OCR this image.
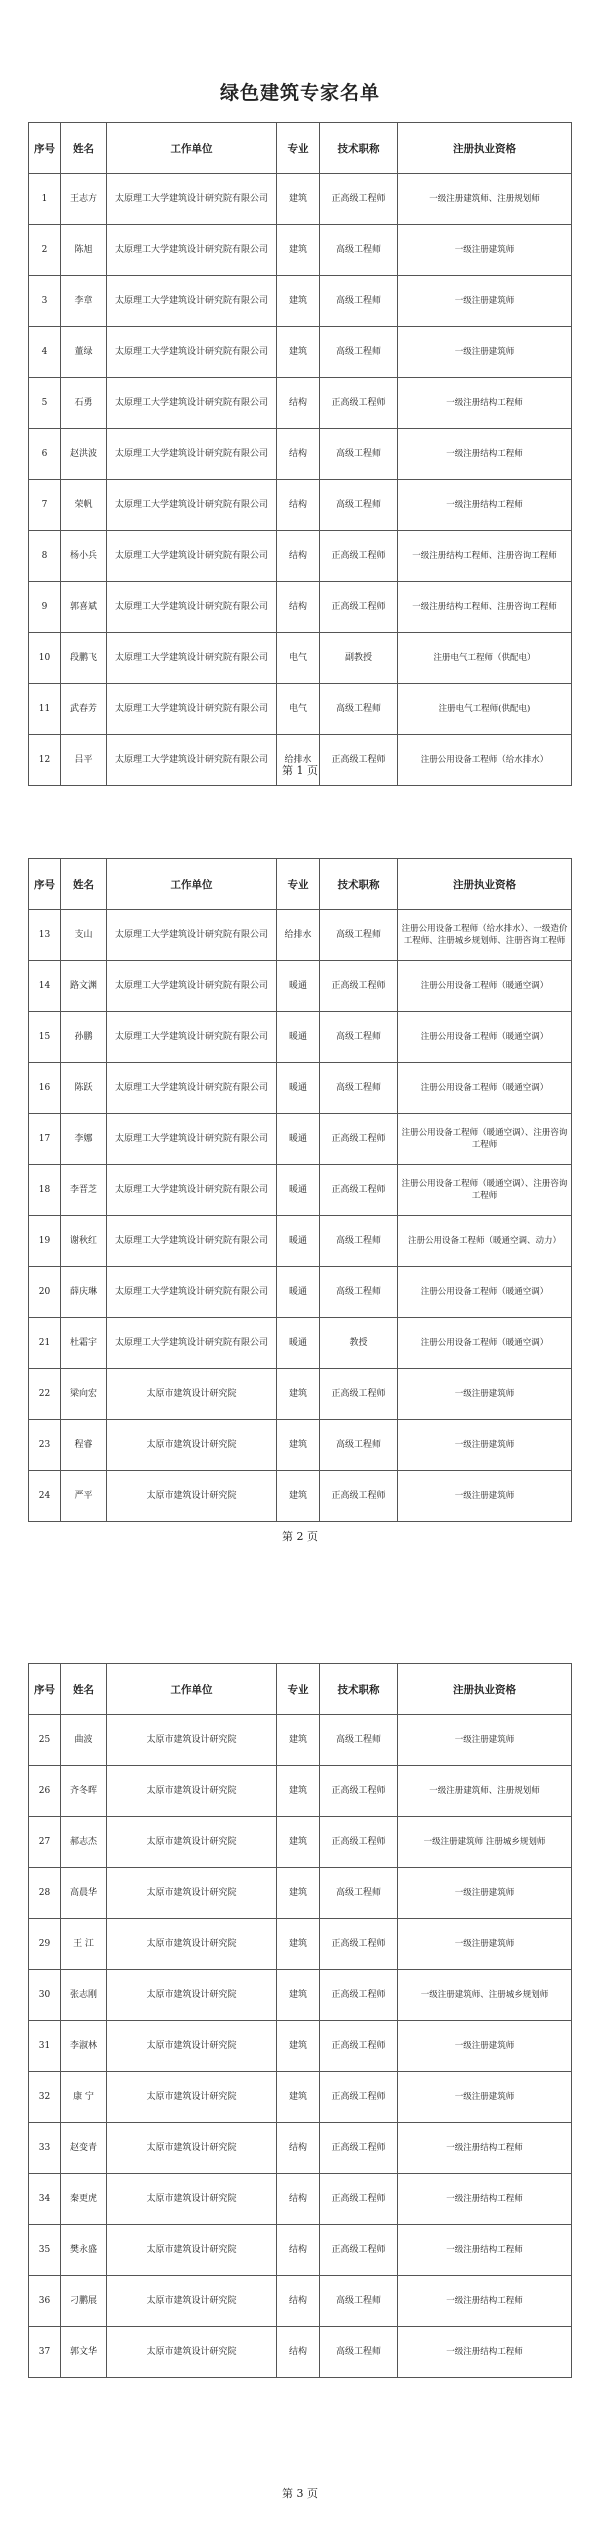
绿色建筑专家名单
序号	姓名	工作单位	专业	技术职称	注册执业资格
1	王志方	太原理工大学建筑设计研究院有限公司	建筑	正高级工程师	一级注册建筑师、注册规划师
2	陈旭	太原理工大学建筑设计研究院有限公司	建筑	高级工程师	一级注册建筑师
3	李章	太原理工大学建筑设计研究院有限公司	建筑	高级工程师	一级注册建筑师
4	董绿	太原理工大学建筑设计研究院有限公司	建筑	高级工程师	一级注册建筑师
5	石勇	太原理工大学建筑设计研究院有限公司	结构	正高级工程师	一级注册结构工程师
6	赵洪波	太原理工大学建筑设计研究院有限公司	结构	高级工程师	一级注册结构工程师
7	荣帆	太原理工大学建筑设计研究院有限公司	结构	高级工程师	一级注册结构工程师
8	杨小兵	太原理工大学建筑设计研究院有限公司	结构	正高级工程师	一级注册结构工程师、注册咨询工程师
9	郭喜斌	太原理工大学建筑设计研究院有限公司	结构	正高级工程师	一级注册结构工程师、注册咨询工程师
10	段鹏飞	太原理工大学建筑设计研究院有限公司	电气	副教授	注册电气工程师（供配电）
11	武春芳	太原理工大学建筑设计研究院有限公司	电气	高级工程师	注册电气工程师(供配电)
12	吕平	太原理工大学建筑设计研究院有限公司	给排水	正高级工程师	注册公用设备工程师（给水排水）
第 1 页
序号	姓名	工作单位	专业	技术职称	注册执业资格
13	支山	太原理工大学建筑设计研究院有限公司	给排水	高级工程师	注册公用设备工程师（给水排水）、一级造价工程师、注册城乡规划师、注册咨询工程师
14	路文渊	太原理工大学建筑设计研究院有限公司	暖通	正高级工程师	注册公用设备工程师（暖通空调）
15	孙鹏	太原理工大学建筑设计研究院有限公司	暖通	高级工程师	注册公用设备工程师（暖通空调）
16	陈跃	太原理工大学建筑设计研究院有限公司	暖通	高级工程师	注册公用设备工程师（暖通空调）
17	李娜	太原理工大学建筑设计研究院有限公司	暖通	正高级工程师	注册公用设备工程师（暖通空调）、注册咨询工程师
18	李晋芝	太原理工大学建筑设计研究院有限公司	暖通	正高级工程师	注册公用设备工程师（暖通空调）、注册咨询工程师
19	谢秋红	太原理工大学建筑设计研究院有限公司	暖通	高级工程师	注册公用设备工程师（暖通空调、动力）
20	薛庆琳	太原理工大学建筑设计研究院有限公司	暖通	高级工程师	注册公用设备工程师（暖通空调）
21	杜霜宇	太原理工大学建筑设计研究院有限公司	暖通	教授	注册公用设备工程师（暖通空调）
22	梁向宏	太原市建筑设计研究院	建筑	正高级工程师	一级注册建筑师
23	程睿	太原市建筑设计研究院	建筑	高级工程师	一级注册建筑师
24	严平	太原市建筑设计研究院	建筑	正高级工程师	一级注册建筑师
第 2 页
序号	姓名	工作单位	专业	技术职称	注册执业资格
25	曲波	太原市建筑设计研究院	建筑	高级工程师	一级注册建筑师
26	齐冬晖	太原市建筑设计研究院	建筑	正高级工程师	一级注册建筑师、注册规划师
27	郝志杰	太原市建筑设计研究院	建筑	正高级工程师	一级注册建筑师 注册城乡规划师
28	高晨华	太原市建筑设计研究院	建筑	高级工程师	一级注册建筑师
29	王 江	太原市建筑设计研究院	建筑	正高级工程师	一级注册建筑师
30	张志刚	太原市建筑设计研究院	建筑	正高级工程师	一级注册建筑师、注册城乡规划师
31	李淑林	太原市建筑设计研究院	建筑	正高级工程师	一级注册建筑师
32	康 宁	太原市建筑设计研究院	建筑	正高级工程师	一级注册建筑师
33	赵变青	太原市建筑设计研究院	结构	正高级工程师	一级注册结构工程师
34	秦更虎	太原市建筑设计研究院	结构	正高级工程师	一级注册结构工程师
35	樊永盛	太原市建筑设计研究院	结构	正高级工程师	一级注册结构工程师
36	刁鹏展	太原市建筑设计研究院	结构	高级工程师	一级注册结构工程师
37	郭文华	太原市建筑设计研究院	结构	高级工程师	一级注册结构工程师
第 3 页
